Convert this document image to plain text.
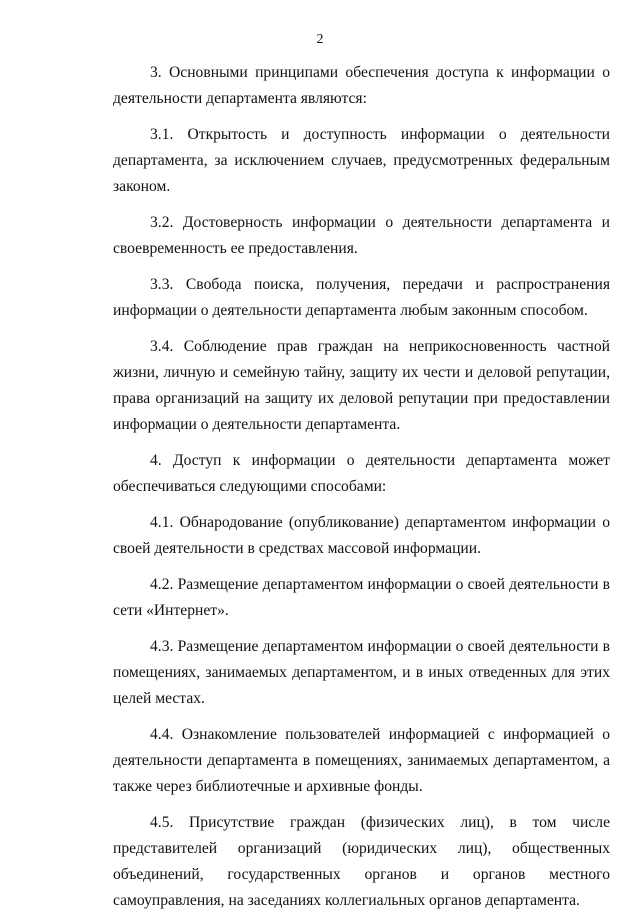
2

3. Основными принципами обеспечения доступа к информации о деятельности департамента являются:

3.1. Открытость и доступность информации о деятельности департамента, за исключением случаев, предусмотренных федеральным законом.

3.2. Достоверность информации о деятельности департамента и своевременность ее предоставления.

3.3. Свобода поиска, получения, передачи и распространения информации о деятельности департамента любым законным способом.

3.4. Соблюдение прав граждан на неприкосновенность частной жизни, личную и семейную тайну, защиту их чести и деловой репутации, права организаций на защиту их деловой репутации при предоставлении информации о деятельности департамента.

4. Доступ к информации о деятельности департамента может обеспечиваться следующими способами:

4.1. Обнародование (опубликование) департаментом информации о своей деятельности в средствах массовой информации.

4.2. Размещение департаментом информации о своей деятельности в сети «Интернет».

4.3. Размещение департаментом информации о своей деятельности в помещениях, занимаемых департаментом, и в иных отведенных для этих целей местах.

4.4. Ознакомление пользователей информацией с информацией о деятельности департамента в помещениях, занимаемых департаментом, а также через библиотечные и архивные фонды.

4.5. Присутствие граждан (физических лиц), в том числе представителей организаций (юридических лиц), общественных объединений, государственных органов и органов местного самоуправления, на заседаниях коллегиальных органов департамента.
